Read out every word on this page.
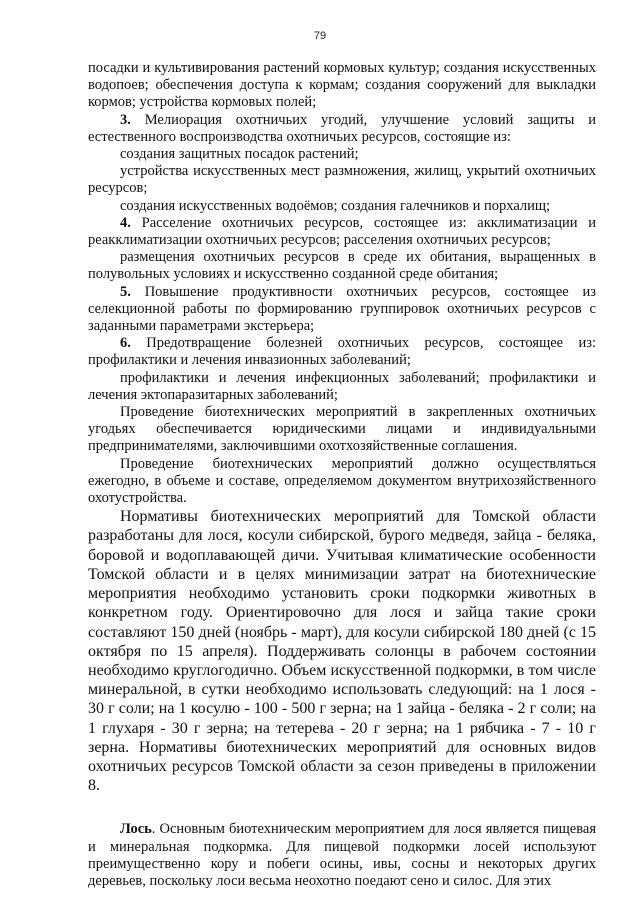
79

посадки и культивирования растений кормовых культур; создания искусственных водопоев; обеспечения доступа к кормам; создания сооружений для выкладки кормов; устройства кормовых полей;

3. Мелиорация охотничьих угодий, улучшение условий защиты и естественного воспроизводства охотничьих ресурсов, состоящие из:

создания защитных посадок растений;

устройства искусственных мест размножения, жилищ, укрытий охотничьих ресурсов;

создания искусственных водоёмов; создания галечников и порхалищ;

4. Расселение охотничьих ресурсов, состоящее из: акклиматизации и реакклиматизации охотничьих ресурсов; расселения охотничьих ресурсов;

размещения охотничьих ресурсов в среде их обитания, выращенных в полувольных условиях и искусственно созданной среде обитания;

5. Повышение продуктивности охотничьих ресурсов, состоящее из селекционной работы по формированию группировок охотничьих ресурсов с заданными параметрами экстерьера;

6. Предотвращение болезней охотничьих ресурсов, состоящее из: профилактики и лечения инвазионных заболеваний;

профилактики и лечения инфекционных заболеваний; профилактики и лечения эктопаразитарных заболеваний;

Проведение биотехнических мероприятий в закрепленных охотничьих угодьях обеспечивается юридическими лицами и индивидуальными предпринимателями, заключившими охотхозяйственные соглашения.

Проведение биотехнических мероприятий должно осуществляться ежегодно, в объеме и составе, определяемом документом внутрихозяйственного охотустройства.

Нормативы биотехнических мероприятий для Томской области разработаны для лося, косули сибирской, бурого медведя, зайца - беляка, боровой и водоплавающей дичи. Учитывая климатические особенности Томской области и в целях минимизации затрат на биотехнические мероприятия необходимо установить сроки подкормки животных в конкретном году. Ориентировочно для лося и зайца такие сроки составляют 150 дней (ноябрь - март), для косули сибирской 180 дней (с 15 октября по 15 апреля). Поддерживать солонцы в рабочем состоянии необходимо круглогодично. Объем искусственной подкормки, в том числе минеральной, в сутки необходимо использовать следующий: на 1 лося - 30 г соли; на 1 косулю - 100 - 500 г зерна; на 1 зайца - беляка - 2 г соли; на 1 глухаря - 30 г зерна; на тетерева - 20 г зерна; на 1 рябчика - 7 - 10 г зерна. Нормативы биотехнических мероприятий для основных видов охотничьих ресурсов Томской области за сезон приведены в приложении 8.

Лось. Основным биотехническим мероприятием для лося является пищевая и минеральная подкормка. Для пищевой подкормки лосей используют преимущественно кору и побеги осины, ивы, сосны и некоторых других деревьев, поскольку лоси весьма неохотно поедают сено и силос. Для этих
